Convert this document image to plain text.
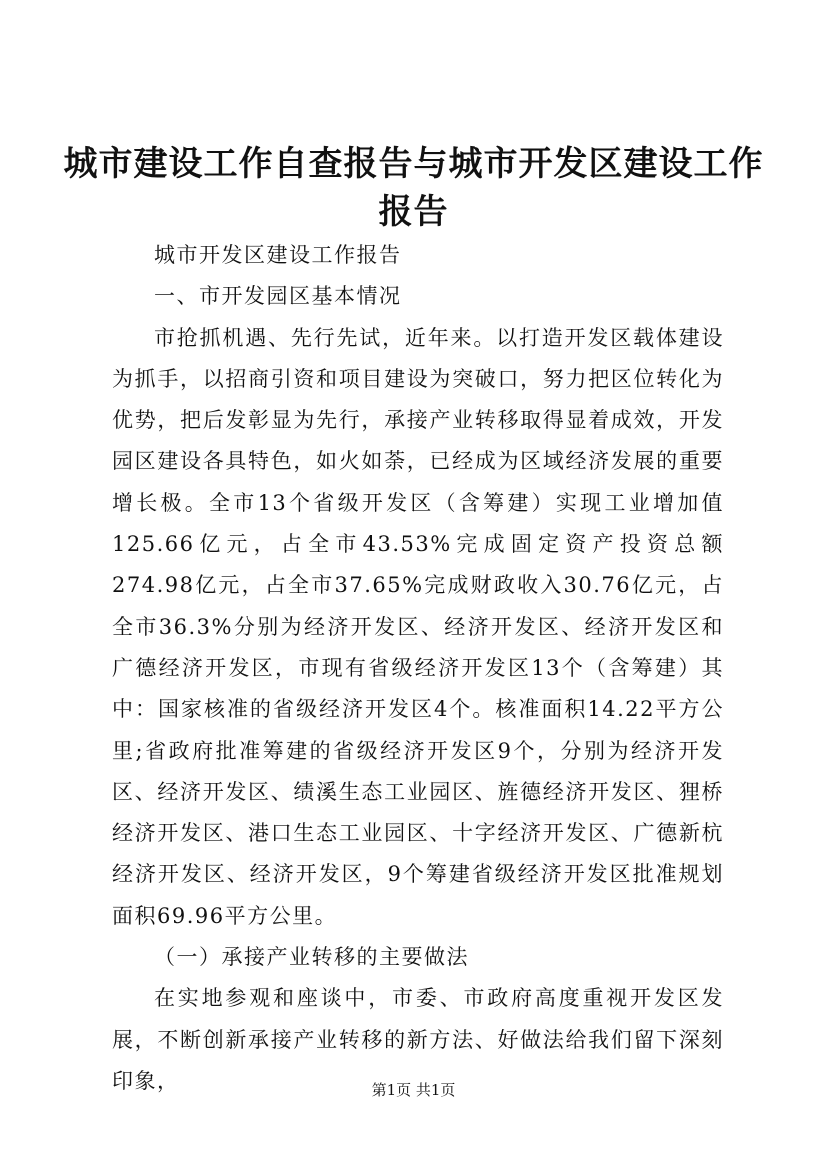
城市建设工作自查报告与城市开发区建设工作报告

城市开发区建设工作报告

一、市开发园区基本情况

市抢抓机遇、先行先试，近年来。以打造开发区载体建设为抓手，以招商引资和项目建设为突破口，努力把区位转化为优势，把后发彰显为先行，承接产业转移取得显着成效，开发园区建设各具特色，如火如荼，已经成为区域经济发展的重要增长极。全市13个省级开发区（含筹建）实现工业增加值125.66亿元，占全市43.53%完成固定资产投资总额274.98亿元，占全市37.65%完成财政收入30.76亿元，占全市36.3%分别为经济开发区、经济开发区、经济开发区和广德经济开发区，市现有省级经济开发区13个（含筹建）其中：国家核准的省级经济开发区4个。核准面积14.22平方公里;省政府批准筹建的省级经济开发区9个，分别为经济开发区、经济开发区、绩溪生态工业园区、旌德经济开发区、狸桥经济开发区、港口生态工业园区、十字经济开发区、广德新杭经济开发区、经济开发区，9个筹建省级经济开发区批准规划面积69.96平方公里。

（一）承接产业转移的主要做法

在实地参观和座谈中，市委、市政府高度重视开发区发展，不断创新承接产业转移的新方法、好做法给我们留下深刻印象，	第1页 共1页
